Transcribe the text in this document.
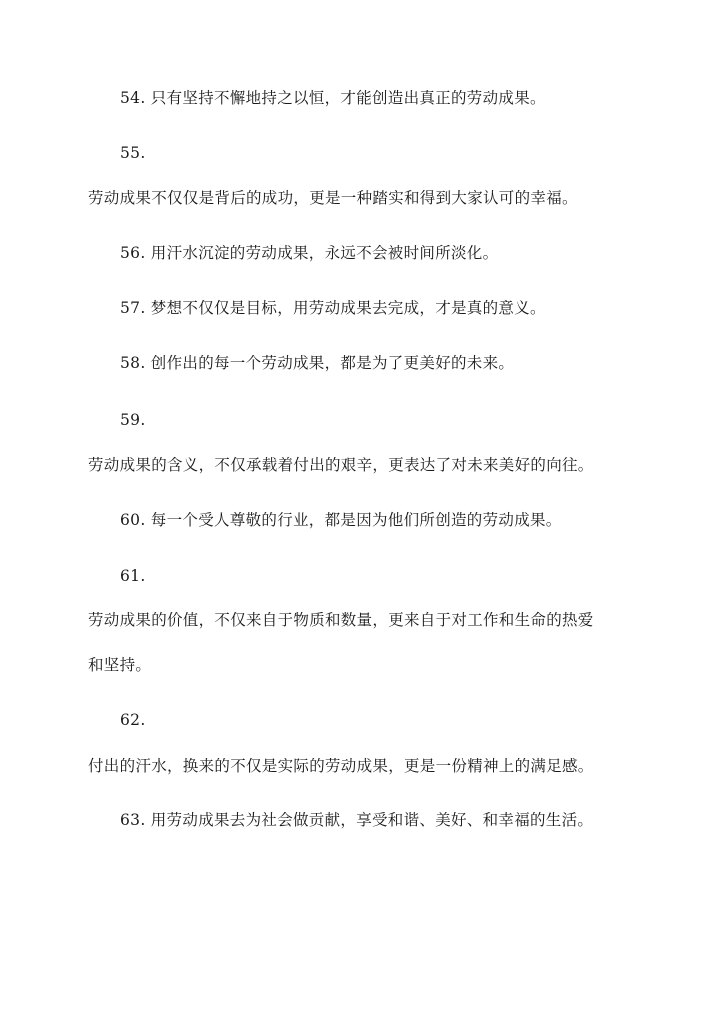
54. 只有坚持不懈地持之以恒，才能创造出真正的劳动成果。
55.
劳动成果不仅仅是背后的成功，更是一种踏实和得到大家认可的幸福。
56. 用汗水沉淀的劳动成果，永远不会被时间所淡化。
57. 梦想不仅仅是目标，用劳动成果去完成，才是真的意义。
58. 创作出的每一个劳动成果，都是为了更美好的未来。
59.
劳动成果的含义，不仅承载着付出的艰辛，更表达了对未来美好的向往。
60. 每一个受人尊敬的行业，都是因为他们所创造的劳动成果。
61.
劳动成果的价值，不仅来自于物质和数量，更来自于对工作和生命的热爱
和坚持。
62.
付出的汗水，换来的不仅是实际的劳动成果，更是一份精神上的满足感。
63. 用劳动成果去为社会做贡献，享受和谐、美好、和幸福的生活。
